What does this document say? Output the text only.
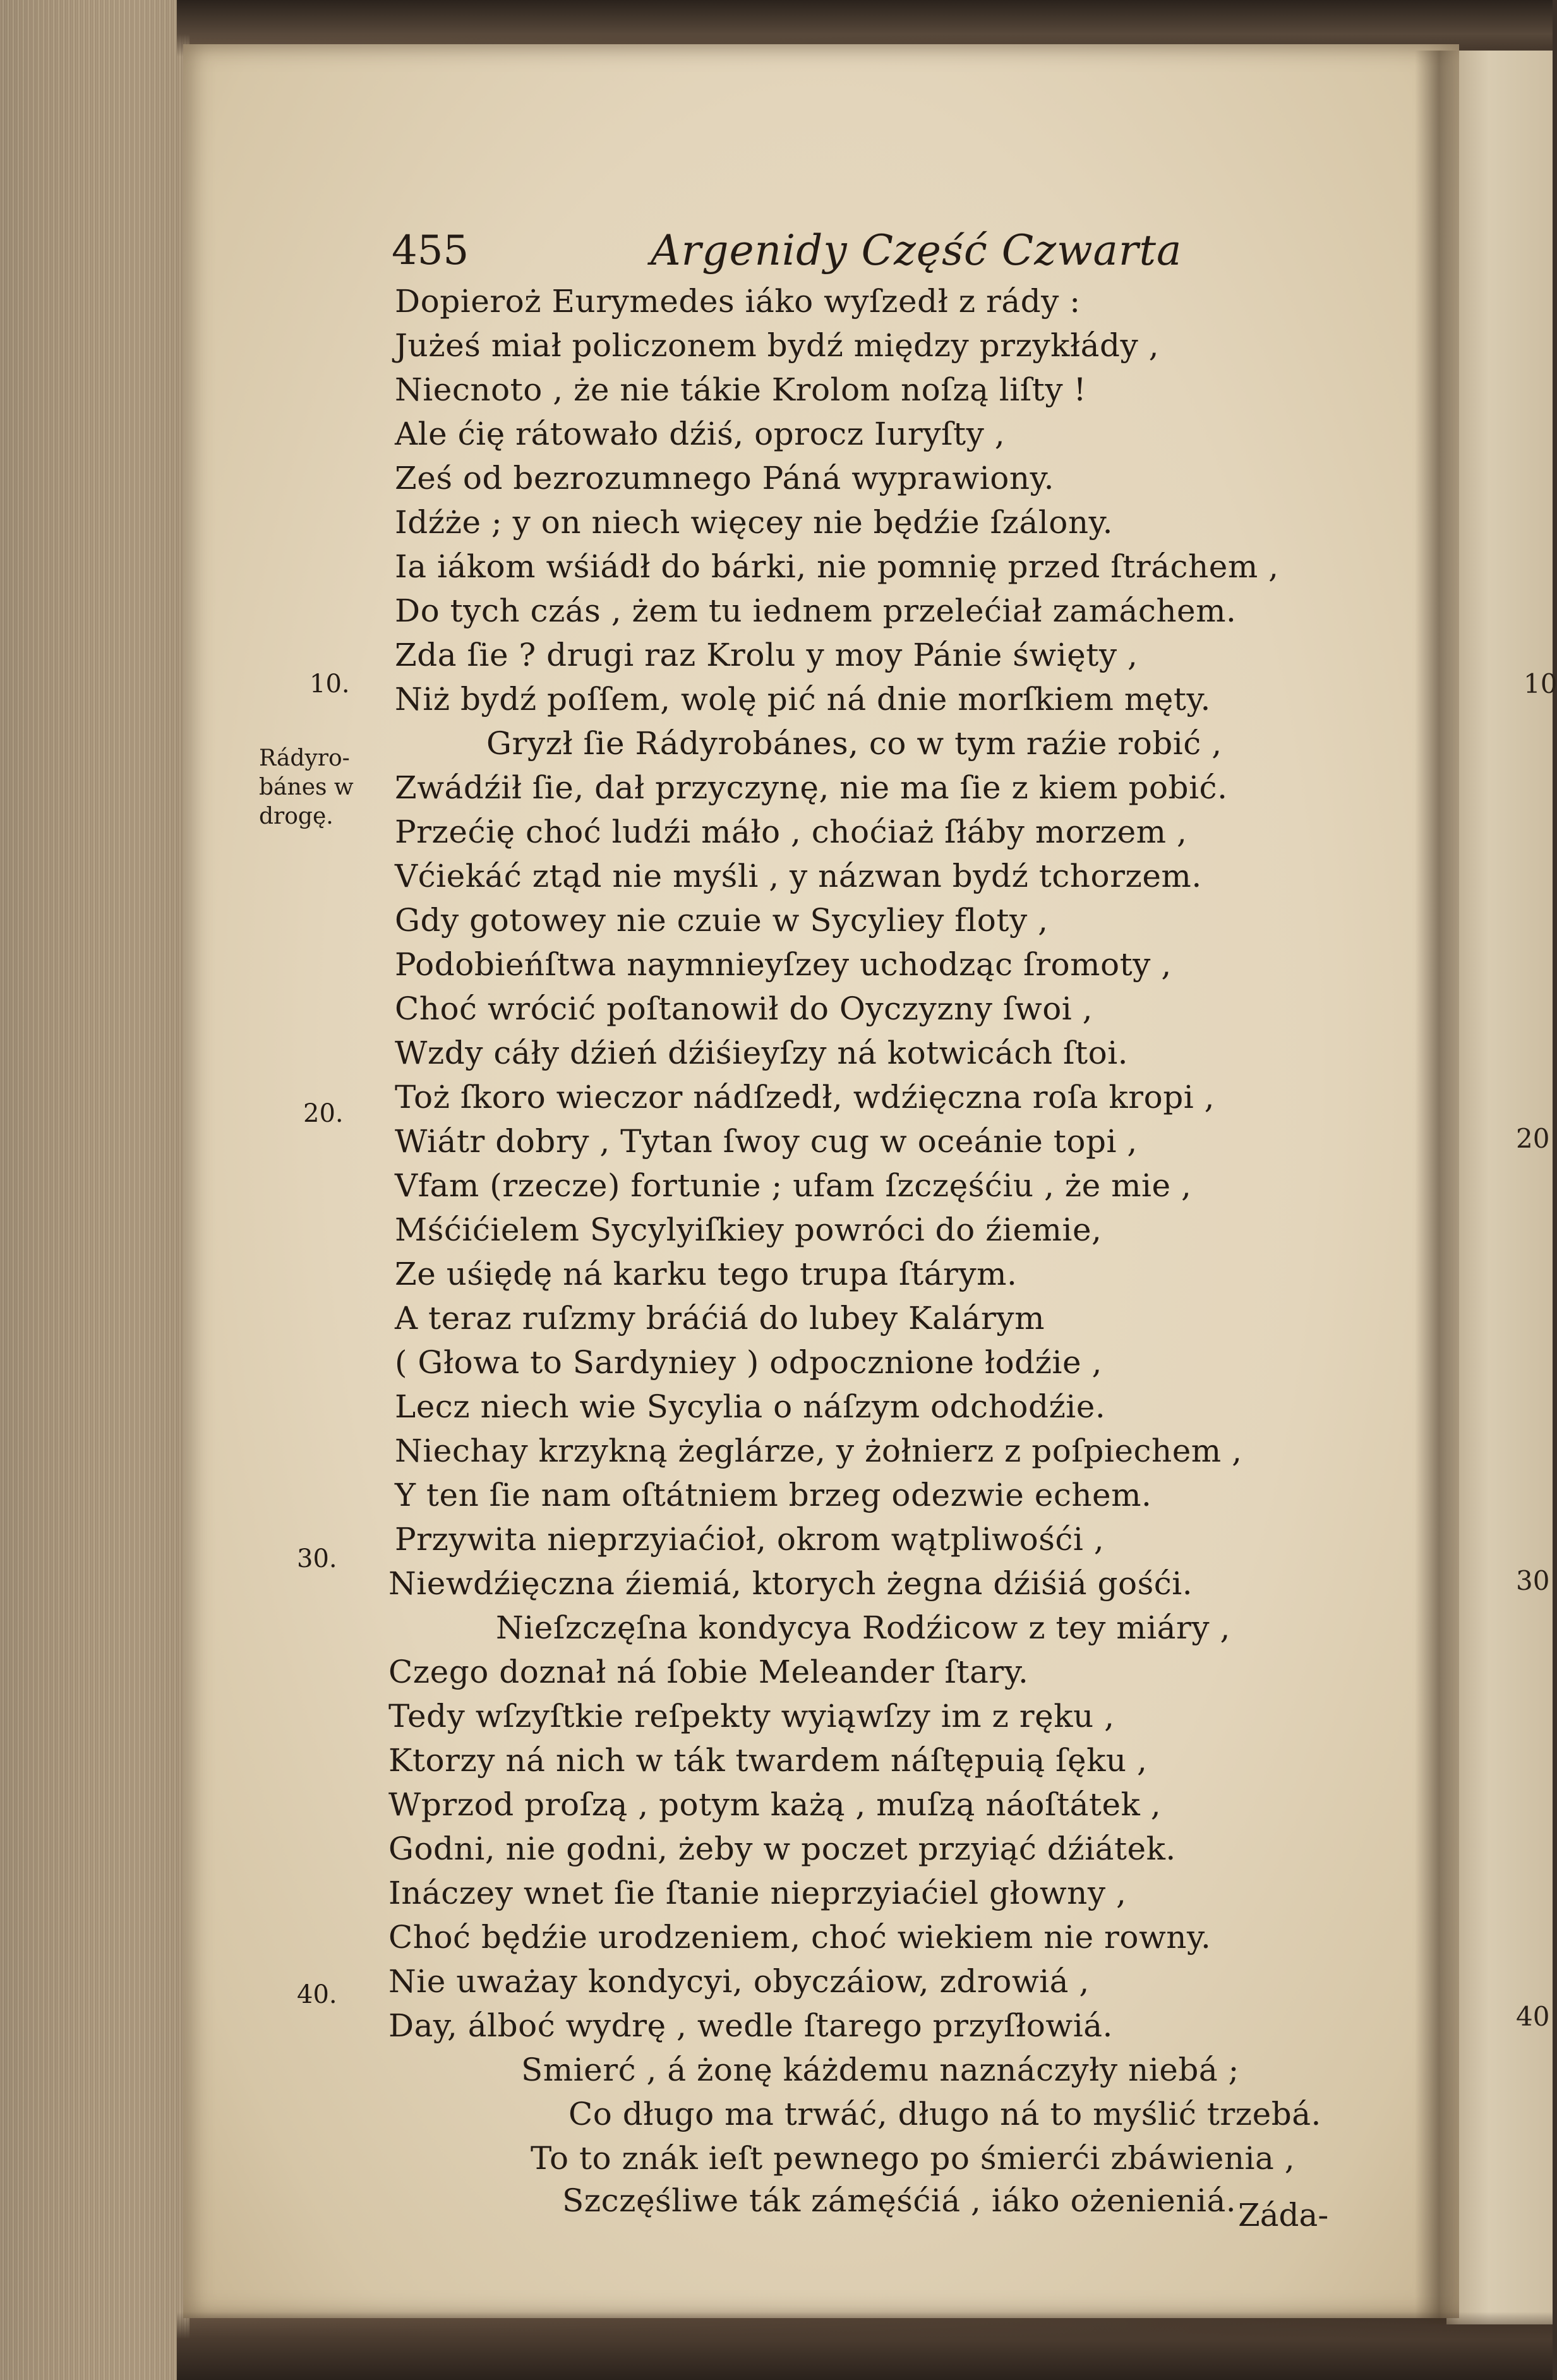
10
20
30
40
455	Argenidy Część Czwarta
10.
20.
30.
40.
Rádyro-
bánes w
drogę.
Dopieroż Eurymedes iáko wyſzedł z rády :
Jużeś miał policzonem bydź między przykłády ,
Niecnoto , że nie tákie Krolom noſzą liſty !
Ale ćię rátowało dźiś, oprocz Iuryſty ,
Ześ od bezrozumnego Páná wyprawiony.
Idźże ; y on niech więcey nie będźie ſzálony.
Ia iákom wśiádł do bárki, nie pomnię przed ſtráchem ,
Do tych czás , żem tu iednem przelećiał zamáchem.
Zda ſie ? drugi raz Krolu y moy Pánie święty ,
Niż bydź poſſem, wolę pić ná dnie morſkiem męty.
Gryzł ſie Rádyrobánes, co w tym raźie robić ,
Zwádźił ſie, dał przyczynę, nie ma ſie z kiem pobić.
Przećię choć ludźi máło , choćiaż ſłáby morzem ,
Vćiekáć ztąd nie myśli , y názwan bydź tchorzem.
Gdy gotowey nie czuie w Sycyliey floty ,
Podobieńſtwa naymnieyſzey uchodząc ſromoty ,
Choć wrócić poſtanowił do Oyczyzny ſwoi ,
Wzdy cáły dźień dźiśieyſzy ná kotwicách ſtoi.
Toż ſkoro wieczor nádſzedł, wdźięczna roſa kropi ,
Wiátr dobry , Tytan ſwoy cug w oceánie topi ,
Vfam (rzecze) fortunie ; ufam ſzczęśćiu , że mie ,
Mśćićielem Sycylyiſkiey powróci do źiemie,
Ze uśiędę ná karku tego trupa ſtárym.
A teraz ruſzmy bráćiá do lubey Kalárym
( Głowa to Sardyniey ) odpocznione łodźie ,
Lecz niech wie Sycylia o náſzym odchodźie.
Niechay krzykną żeglárze, y żołnierz z poſpiechem ,
Y ten ſie nam oſtátniem brzeg odezwie echem.
Przywita nieprzyiaćioł, okrom wątpliwośći ,
Niewdźięczna źiemiá, ktorych żegna dźiśiá gośći.
Nieſzczęſna kondycya Rodźicow z tey miáry ,
Czego doznał ná ſobie Meleander ſtary.
Tedy wſzyſtkie reſpekty wyiąwſzy im z ręku ,
Ktorzy ná nich w ták twardem náſtępuią ſęku ,
Wprzod proſzą , potym każą , muſzą náoſtátek ,
Godni, nie godni, żeby w poczet przyiąć dźiátek.
Ináczey wnet ſie ſtanie nieprzyiaćiel głowny ,
Choć będźie urodzeniem, choć wiekiem nie rowny.
Nie uważay kondycyi, obyczáiow, zdrowiá ,
Day, álboć wydrę , wedle ſtarego przyſłowiá.
Smierć , á żonę káżdemu naznáczyły niebá ;
Co długo ma trwáć, długo ná to myślić trzebá.
To to znák ieſt pewnego po śmierći zbáwienia ,
Szczęśliwe ták zámęśćiá , iáko ożenieniá. Záda-
